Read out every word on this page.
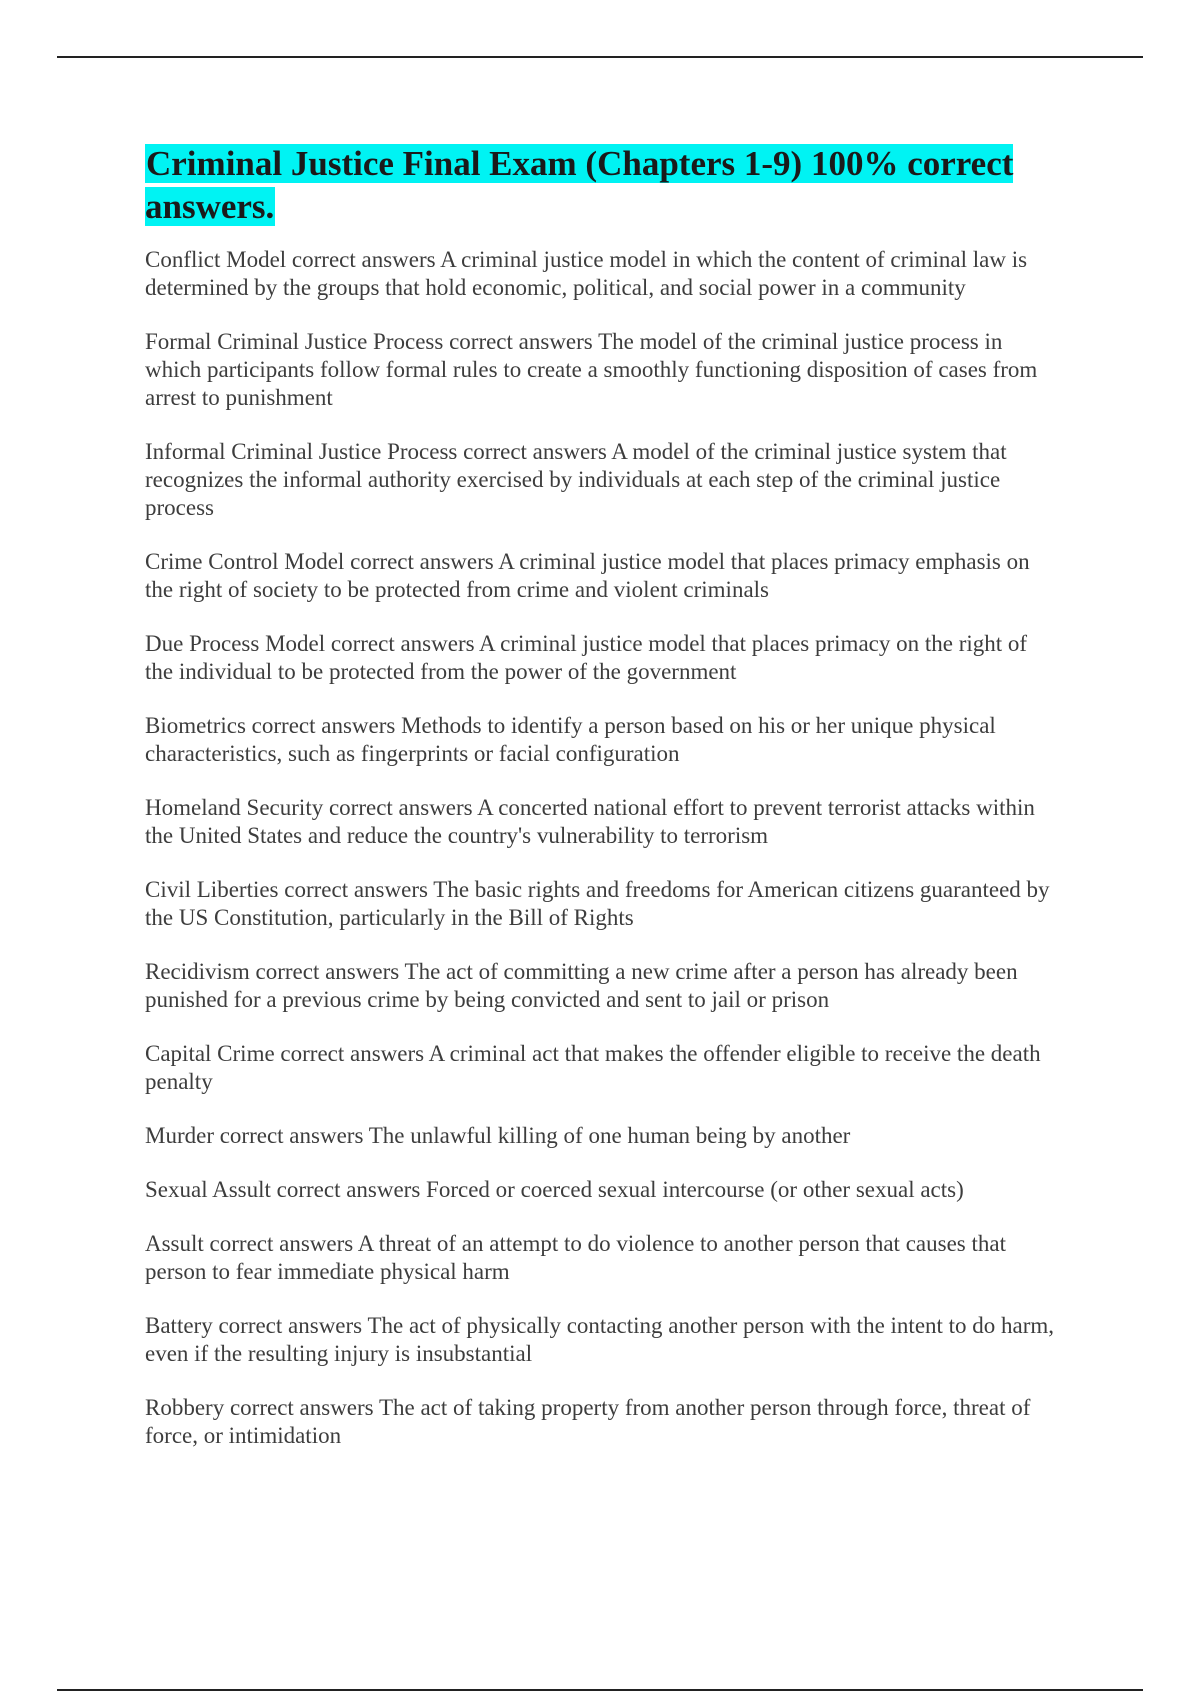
Criminal Justice Final Exam (Chapters 1-9) 100% correct answers.
Conflict Model correct answers A criminal justice model in which the content of criminal law is determined by the groups that hold economic, political, and social power in a community
Formal Criminal Justice Process correct answers The model of the criminal justice process in which participants follow formal rules to create a smoothly functioning disposition of cases from arrest to punishment
Informal Criminal Justice Process correct answers A model of the criminal justice system that recognizes the informal authority exercised by individuals at each step of the criminal justice process
Crime Control Model correct answers A criminal justice model that places primacy emphasis on the right of society to be protected from crime and violent criminals
Due Process Model correct answers A criminal justice model that places primacy on the right of the individual to be protected from the power of the government
Biometrics correct answers Methods to identify a person based on his or her unique physical characteristics, such as fingerprints or facial configuration
Homeland Security correct answers A concerted national effort to prevent terrorist attacks within the United States and reduce the country's vulnerability to terrorism
Civil Liberties correct answers The basic rights and freedoms for American citizens guaranteed by the US Constitution, particularly in the Bill of Rights
Recidivism correct answers The act of committing a new crime after a person has already been punished for a previous crime by being convicted and sent to jail or prison
Capital Crime correct answers A criminal act that makes the offender eligible to receive the death penalty
Murder correct answers The unlawful killing of one human being by another
Sexual Assult correct answers Forced or coerced sexual intercourse (or other sexual acts)
Assult correct answers A threat of an attempt to do violence to another person that causes that person to fear immediate physical harm
Battery correct answers The act of physically contacting another person with the intent to do harm, even if the resulting injury is insubstantial
Robbery correct answers The act of taking property from another person through force, threat of force, or intimidation
